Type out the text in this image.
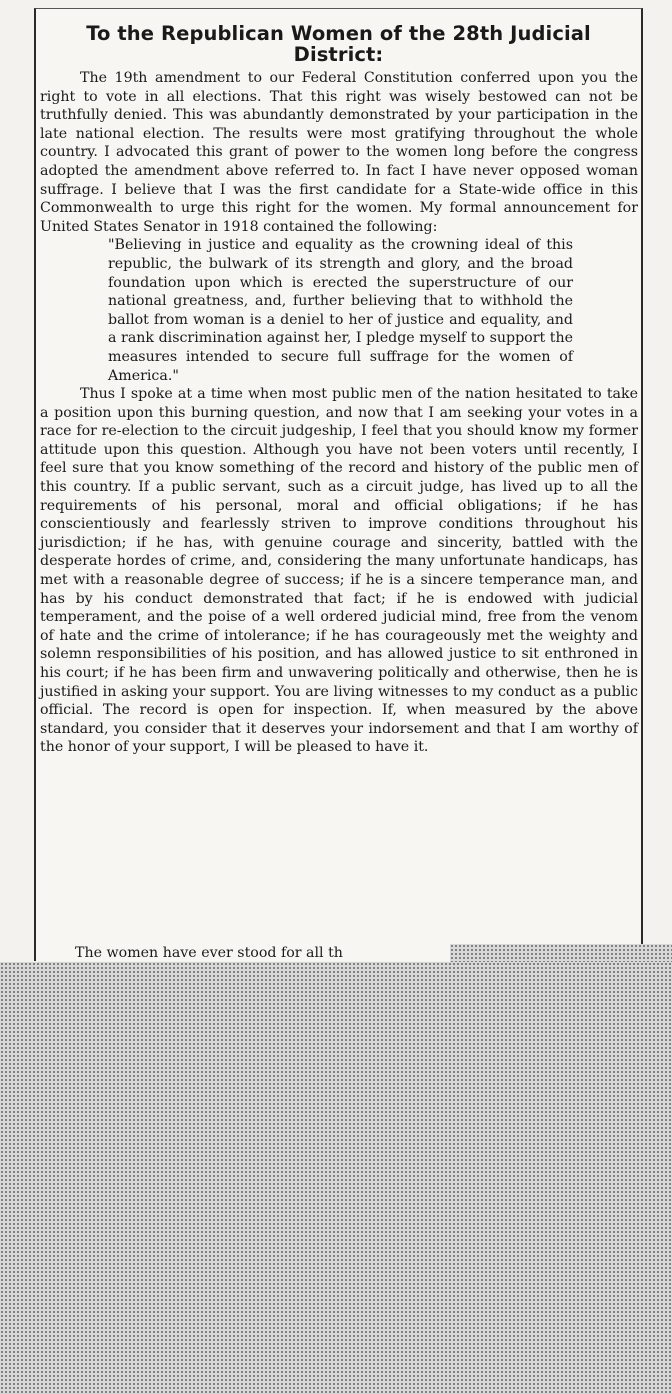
To the Republican Women of the 28th Judicial District:

The 19th amendment to our Federal Constitution conferred upon you the right to vote in all elections. That this right was wisely bestowed can not be truthfully denied. This was abundantly demonstrated by your participation in the late national election. The results were most gratifying throughout the whole country. I advocated this grant of power to the women long before the congress adopted the amendment above referred to. In fact I have never opposed woman suffrage. I believe that I was the first candidate for a State-wide office in this Commonwealth to urge this right for the women. My formal announcement for United States Senator in 1918 contained the following:

"Believing in justice and equality as the crowning ideal of this republic, the bulwark of its strength and glory, and the broad foundation upon which is erected the superstructure of our national greatness, and, further believing that to withhold the ballot from woman is a deniel to her of justice and equality, and a rank discrimination against her, I pledge myself to support the measures intended to secure full suffrage for the women of America."

Thus I spoke at a time when most public men of the nation hesitated to take a position upon this burning question, and now that I am seeking your votes in a race for re-election to the circuit judgeship, I feel that you should know my former attitude upon this question. Although you have not been voters until recently, I feel sure that you know something of the record and history of the public men of this country. If a public servant, such as a circuit judge, has lived up to all the requirements of his personal, moral and official obligations; if he has conscientiously and fearlessly striven to improve conditions throughout his jurisdiction; if he has, with genuine courage and sincerity, battled with the desperate hordes of crime, and, considering the many unfortunate handicaps, has met with a reasonable degree of success; if he is a sincere temperance man, and has by his conduct demonstrated that fact; if he is endowed with judicial temperament, and the poise of a well ordered judicial mind, free from the venom of hate and the crime of intolerance; if he has courageously met the weighty and solemn responsibilities of his position, and has allowed justice to sit enthroned in his court; if he has been firm and unwavering politically and otherwise, then he is justified in asking your support. You are living witnesses to my conduct as a public official. The record is open for inspection. If, when measured by the above standard, you consider that it deserves your indorsement and that I am worthy of the honor of your support, I will be pleased to have it.

The women have ever stood for all th
